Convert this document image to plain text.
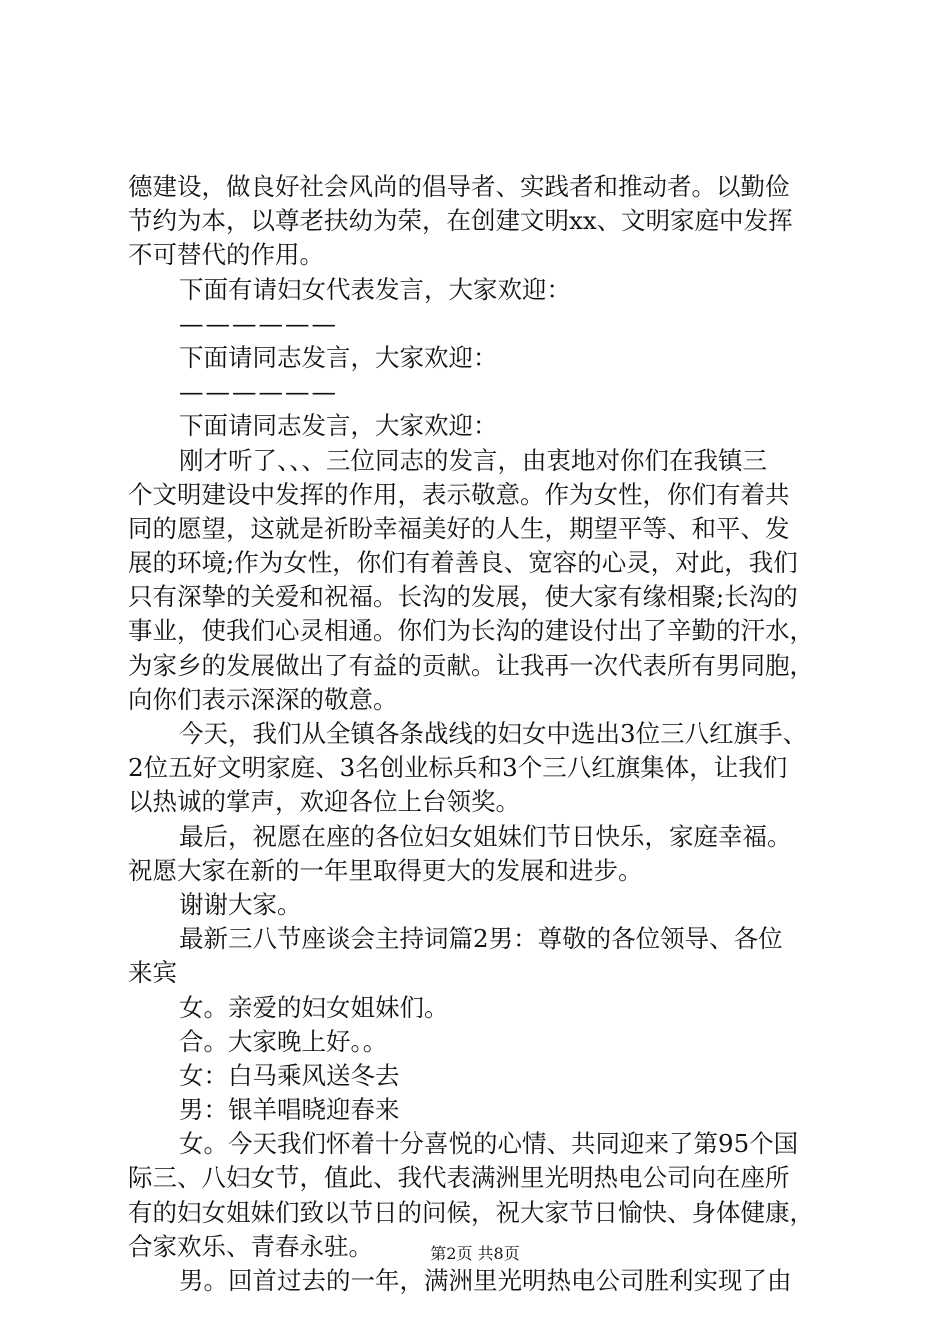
德建设，做良好社会风尚的倡导者、实践者和推动者。以勤俭
节约为本，以尊老扶幼为荣，在创建文明xx、文明家庭中发挥
不可替代的作用。
下面有请妇女代表发言，大家欢迎：
——————
下面请同志发言，大家欢迎：
——————
下面请同志发言，大家欢迎：
刚才听了、、、三位同志的发言，由衷地对你们在我镇三
个文明建设中发挥的作用，表示敬意。作为女性，你们有着共
同的愿望，这就是祈盼幸福美好的人生，期望平等、和平、发
展的环境;作为女性，你们有着善良、宽容的心灵，对此，我们
只有深挚的关爱和祝福。长沟的发展，使大家有缘相聚;长沟的
事业，使我们心灵相通。你们为长沟的建设付出了辛勤的汗水，
为家乡的发展做出了有益的贡献。让我再一次代表所有男同胞，
向你们表示深深的敬意。
今天，我们从全镇各条战线的妇女中选出3位三八红旗手、
2位五好文明家庭、3名创业标兵和3个三八红旗集体，让我们
以热诚的掌声，欢迎各位上台领奖。
最后，祝愿在座的各位妇女姐妹们节日快乐，家庭幸福。
祝愿大家在新的一年里取得更大的发展和进步。
谢谢大家。
最新三八节座谈会主持词篇2男：尊敬的各位领导、各位
来宾
女。亲爱的妇女姐妹们。
合。大家晚上好。。
女：白马乘风送冬去
男：银羊唱晓迎春来
女。今天我们怀着十分喜悦的心情、共同迎来了第95个国
际三、八妇女节，值此、我代表满洲里光明热电公司向在座所
有的妇女姐妹们致以节日的问候，祝大家节日愉快、身体健康，
合家欢乐、青春永驻。
男。回首过去的一年，满洲里光明热电公司胜利实现了由
第2页 共8页
